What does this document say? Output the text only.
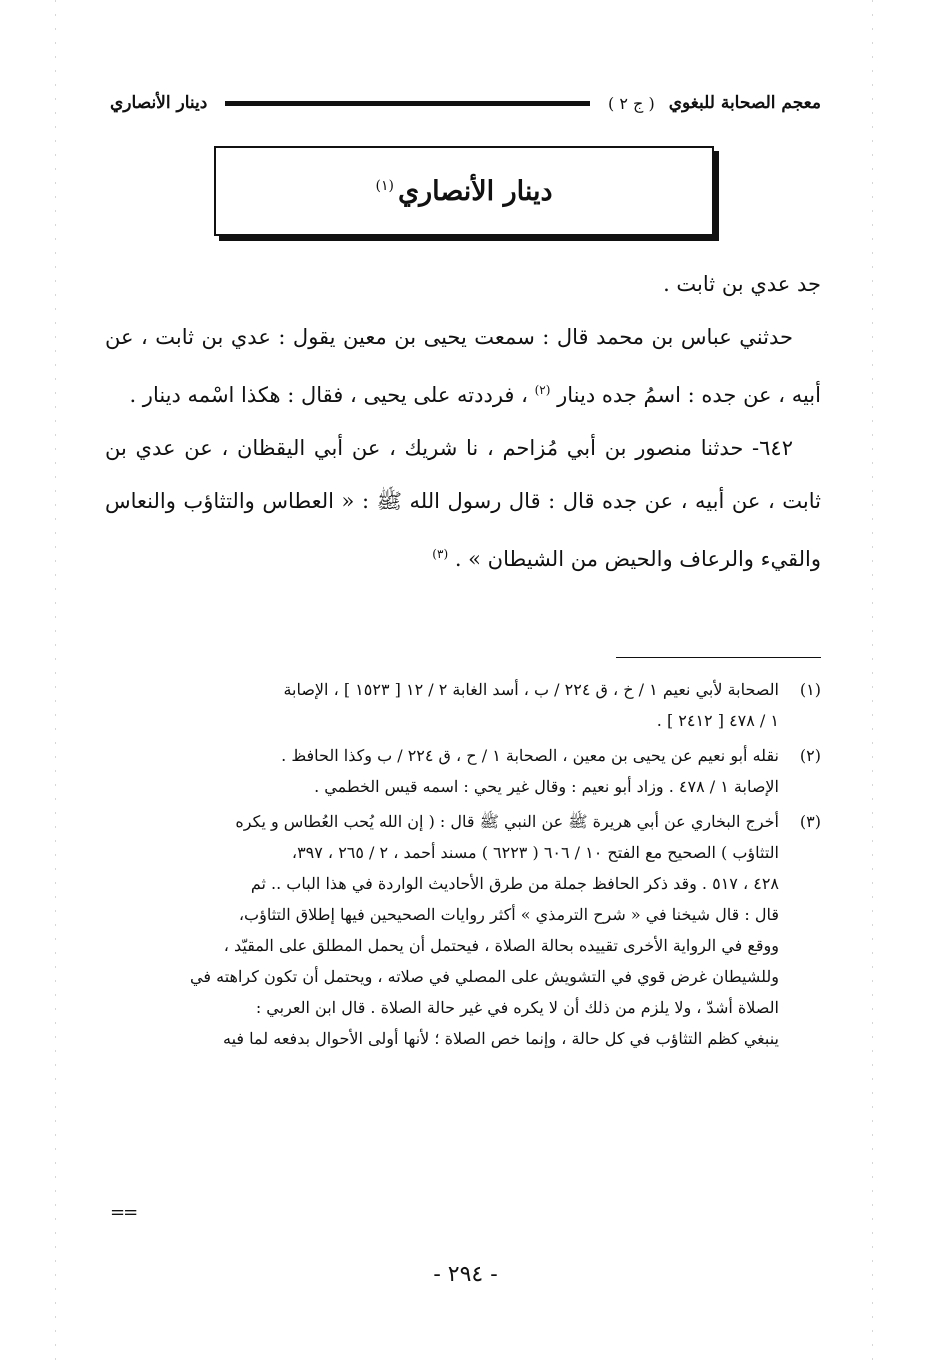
معجم الصحابة للبغوي
( ج ٢ )
دينار الأنصاري
دينار الأنصاري$^{(١)}$

جد عدي بن ثابت .

حدثني عباس بن محمد قال : سمعت يحيى بن معين يقول : عدي بن ثابت ، عن أبيه ، عن جده : اسمُ جده دينار $^{(٢)}$ ، فرددته على يحيى ، فقال : هكذا اسْمه دينار .

٦٤٢- حدثنا منصور بن أبي مُزاحم ، نا شريك ، عن أبي اليقظان ، عن عدي بن ثابت ، عن أبيه ، عن جده قال : قال رسول الله ﷺ : « العطاس والتثاؤب والنعاس والقيء والرعاف والحيض من الشيطان » . $^{(٣)}$

(١)
الصحابة لأبي نعيم ١ / خ ، ق ٢٢٤ / ب ، أسد الغابة ٢ / ١٢ [ ١٥٢٣ ] ، الإصابة
١ / ٤٧٨ [ ٢٤١٢ ] .
(٢)
نقله أبو نعيم عن يحيى بن معين ، الصحابة ١ / ح ، ق ٢٢٤ / ب وكذا الحافظ .
الإصابة ١ / ٤٧٨ . وزاد أبو نعيم : وقال غير يحي : اسمه قيس الخطمي .
(٣)
أخرج البخاري عن أبي هريرة ﷺ عن النبي ﷺ قال : ( إن الله يُحب العُطاس و يكره
التثاؤب ) الصحيح مع الفتح ١٠ / ٦٠٦ ( ٦٢٢٣ ) مسند أحمد ، ٢ / ٢٦٥ ، ٣٩٧،
٤٢٨ ، ٥١٧ . وقد ذكر الحافظ جملة من طرق الأحاديث الواردة في هذا الباب .. ثم
قال : قال شيخنا في « شرح الترمذي » أكثر روايات الصحيحين فيها إطلاق التثاؤب،
ووقع في الرواية الأخرى تقييده بحالة الصلاة ، فيحتمل أن يحمل المطلق على المقيّد ،
وللشيطان غرض قوي في التشويش على المصلي في صلاته ، ويحتمل أن تكون كراهته في
الصلاة أشدّ ، ولا يلزم من ذلك أن لا يكره في غير حالة الصلاة . قال ابن العربي :
ينبغي كظم التثاؤب في كل حالة ، وإنما خص الصلاة ؛ لأنها أولى الأحوال بدفعه لما فيه
==
- ٢٩٤ -
